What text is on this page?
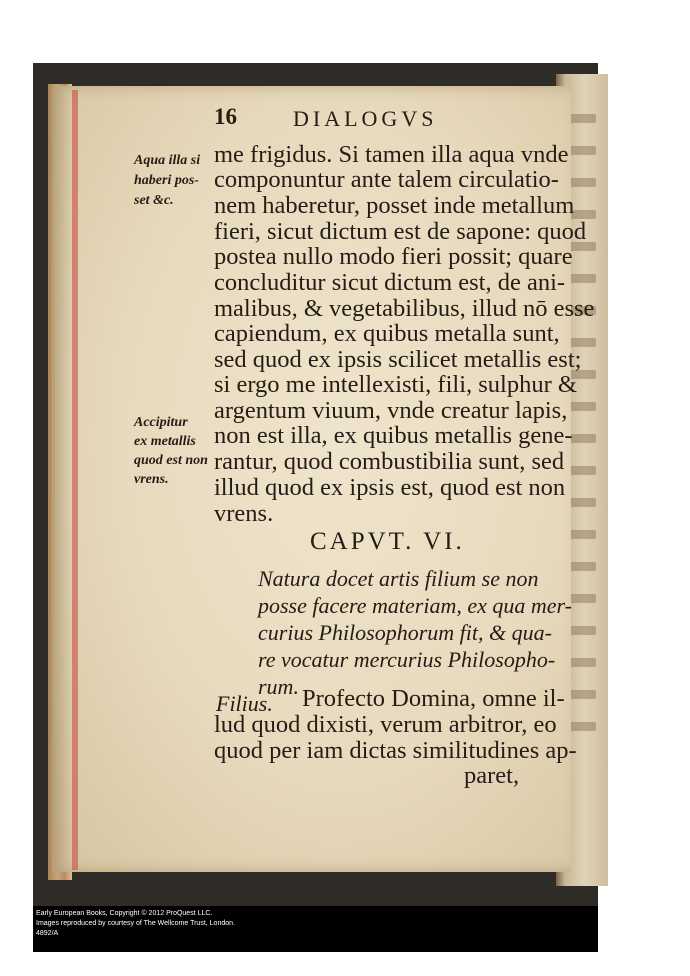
16	DIALOGVS
Aqua illa si
haberi pos-
set &c.
Accipitur
ex metallis
quod est non
vrens.
me frigidus. Si tamen illa aqua vnde
componuntur ante talem circulatio-
nem haberetur, posset inde metallum
fieri, sicut dictum est de sapone: quod
postea nullo modo fieri possit; quare
concluditur sicut dictum est, de ani-
malibus, & vegetabilibus, illud nō esse
capiendum, ex quibus metalla sunt,
sed quod ex ipsis scilicet metallis est;
si ergo me intellexisti, fili, sulphur &
argentum viuum, vnde creatur lapis,
non est illa, ex quibus metallis gene-
rantur, quod combustibilia sunt, sed
illud quod ex ipsis est, quod est non
vrens.
CAPVT. VI.
Natura docet artis filium se non
posse facere materiam, ex qua mer-
curius Philosophorum fit, & qua-
re vocatur mercurius Philosopho-
rum.
Filius. Profecto Domina, omne il-
lud quod dixisti, verum arbitror, eo
quod per iam dictas similitudines ap-
paret,
Early European Books, Copyright © 2012 ProQuest LLC.
Images reproduced by courtesy of The Wellcome Trust, London.
4892/A
